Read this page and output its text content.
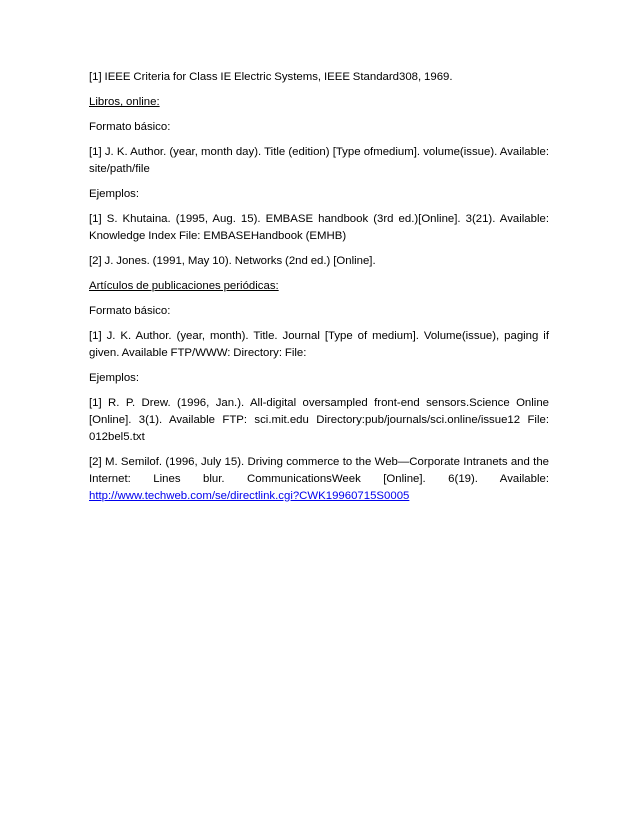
[1] IEEE Criteria for Class IE Electric Systems, IEEE Standard308, 1969.

Libros, online:

Formato básico:

[1] J. K. Author. (year, month day). Title (edition) [Type ofmedium]. volume(issue). Available: site/path/file

Ejemplos:

[1] S. Khutaina. (1995, Aug. 15). EMBASE handbook (3rd ed.)[Online]. 3(21). Available: Knowledge Index File: EMBASEHandbook (EMHB)

[2] J. Jones. (1991, May 10). Networks (2nd ed.) [Online].

Artículos de publicaciones periódicas:

Formato básico:

[1] J. K. Author. (year, month). Title. Journal [Type of medium]. Volume(issue), paging if given. Available FTP/WWW: Directory: File:

Ejemplos:

[1] R. P. Drew. (1996, Jan.). All-digital oversampled front-end sensors.Science Online [Online]. 3(1). Available FTP: sci.mit.edu Directory:pub/journals/sci.online/issue12 File: 012bel5.txt

[2] M. Semilof. (1996, July 15). Driving commerce to the Web—Corporate Intranets and the Internet: Lines blur. CommunicationsWeek [Online]. 6(19). Available: http://www.techweb.com/se/directlink.cgi?CWK19960715S0005
